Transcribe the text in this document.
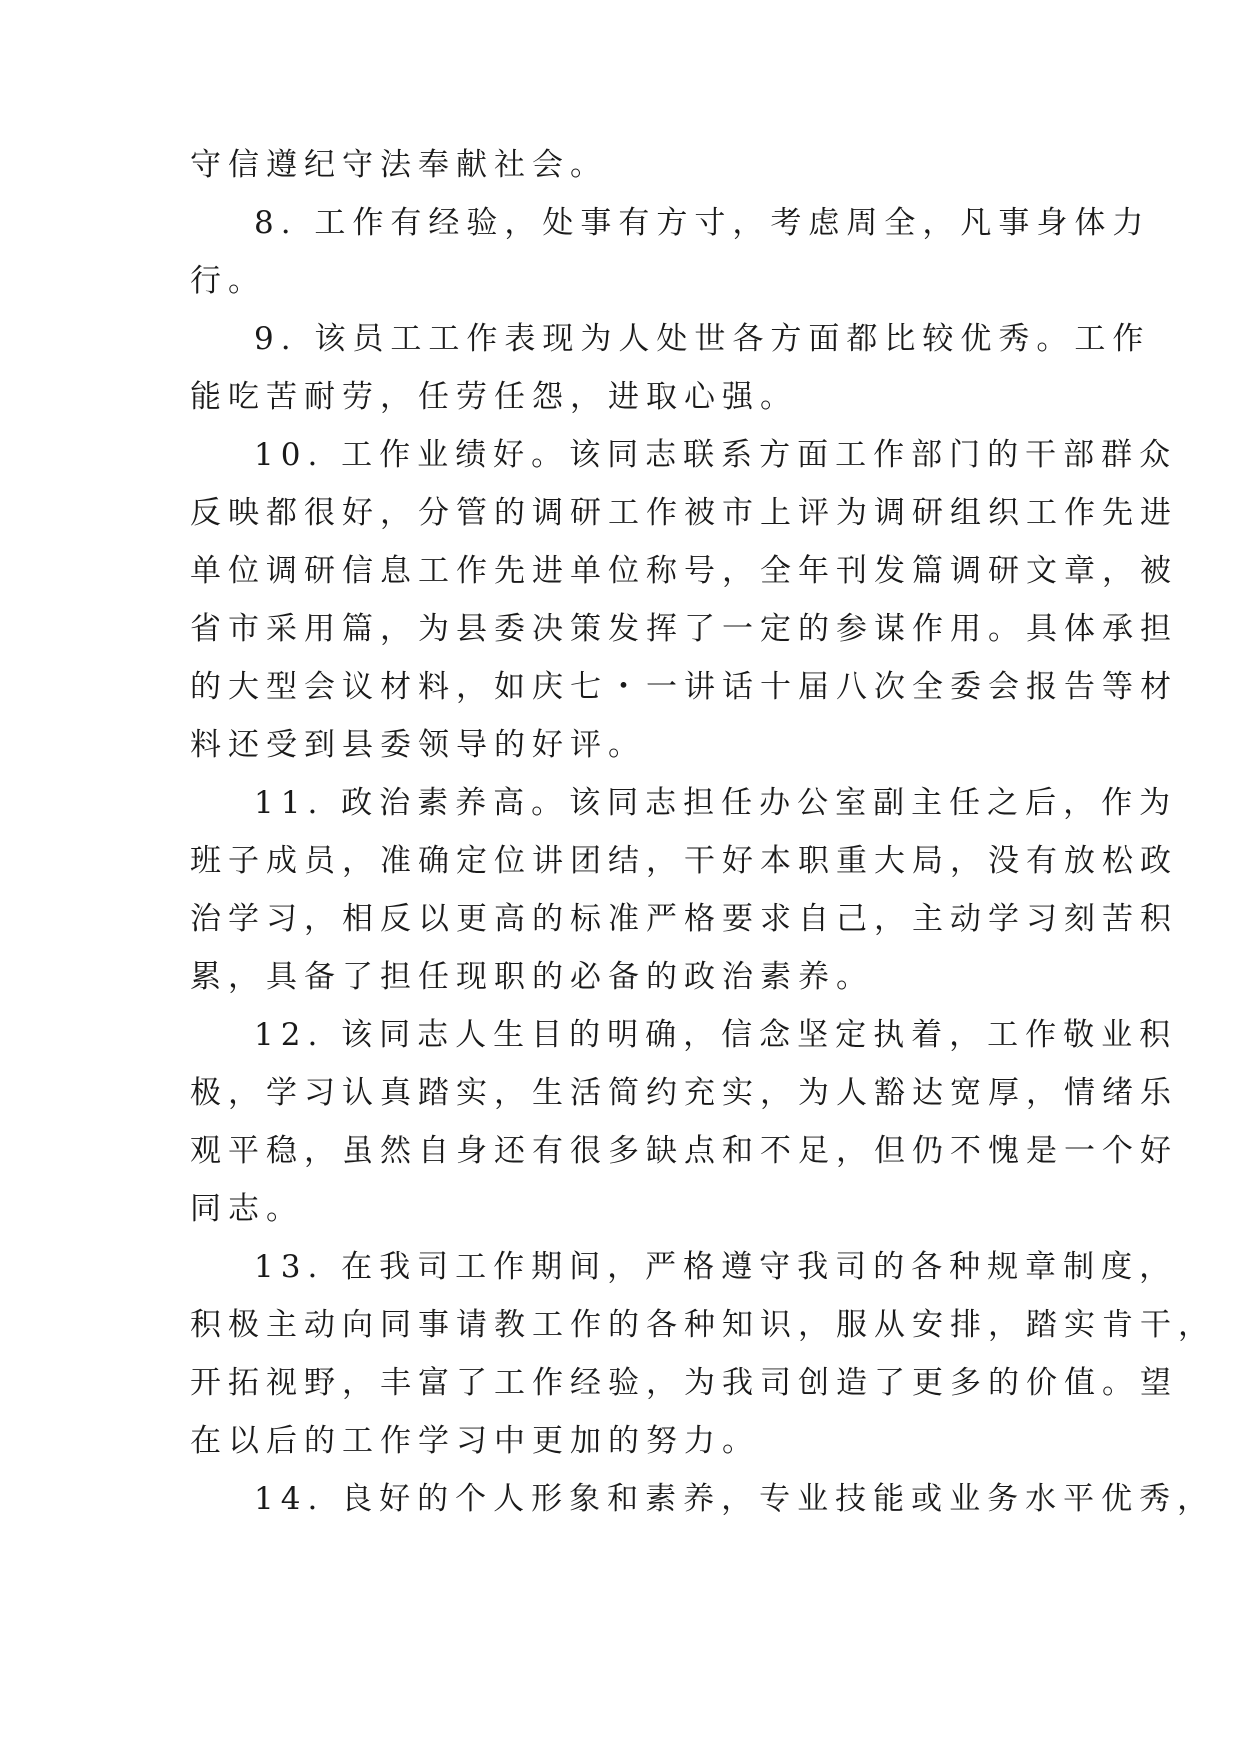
守信遵纪守法奉献社会。

8. 工作有经验，处事有方寸，考虑周全，凡事身体力

行。

9. 该员工工作表现为人处世各方面都比较优秀。工作

能吃苦耐劳，任劳任怨，进取心强。

10. 工作业绩好。该同志联系方面工作部门的干部群众

反映都很好，分管的调研工作被市上评为调研组织工作先进

单位调研信息工作先进单位称号，全年刊发篇调研文章，被

省市采用篇，为县委决策发挥了一定的参谋作用。具体承担

的大型会议材料，如庆七・一讲话十届八次全委会报告等材

料还受到县委领导的好评。

11. 政治素养高。该同志担任办公室副主任之后，作为

班子成员，准确定位讲团结，干好本职重大局，没有放松政

治学习，相反以更高的标准严格要求自己，主动学习刻苦积

累，具备了担任现职的必备的政治素养。

12. 该同志人生目的明确，信念坚定执着，工作敬业积

极，学习认真踏实，生活简约充实，为人豁达宽厚，情绪乐

观平稳，虽然自身还有很多缺点和不足，但仍不愧是一个好

同志。

13. 在我司工作期间，严格遵守我司的各种规章制度，

积极主动向同事请教工作的各种知识，服从安排，踏实肯干，

开拓视野，丰富了工作经验，为我司创造了更多的价值。望

在以后的工作学习中更加的努力。

14. 良好的个人形象和素养，专业技能或业务水平优秀，
